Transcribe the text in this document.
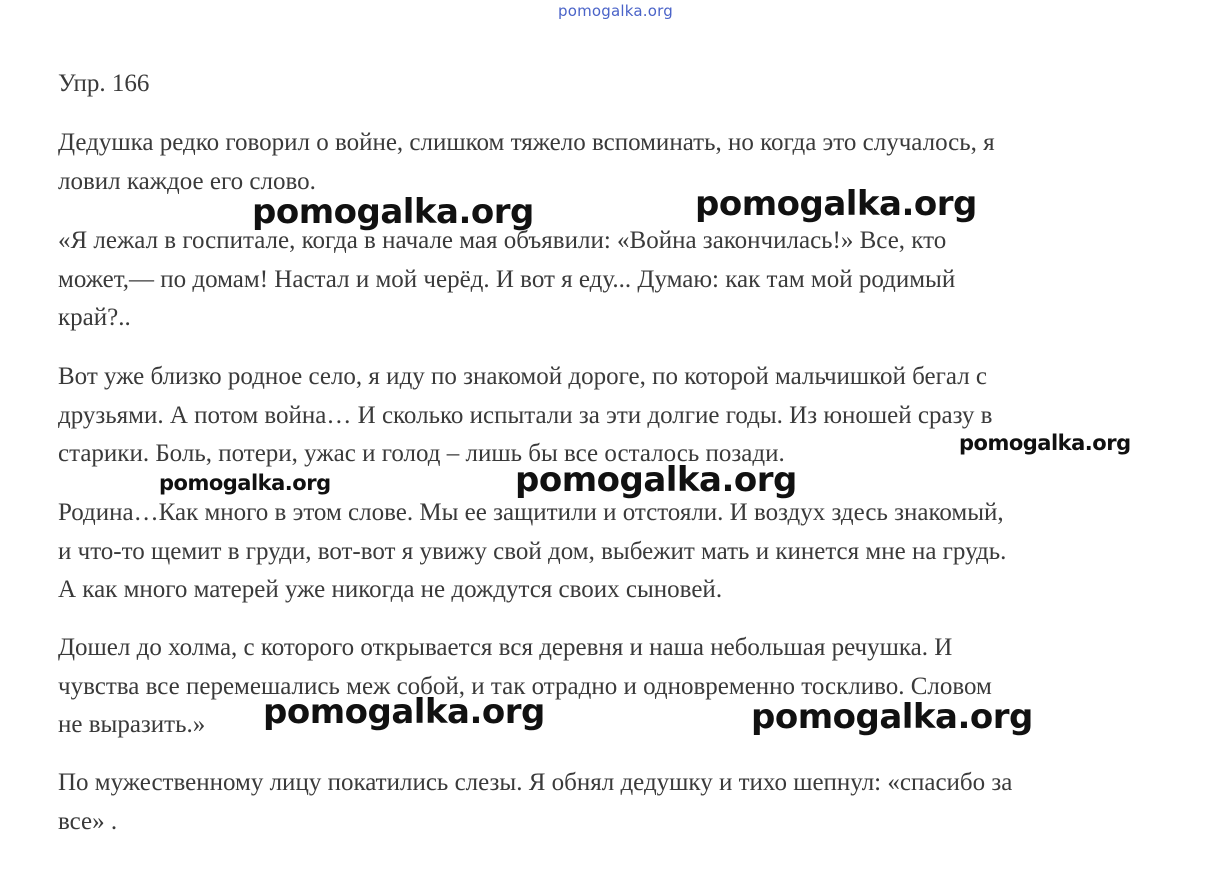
pomogalka.org
Упр. 166

Дедушка редко говорил о войне, слишком тяжело вспоминать, но когда это случалось, я
ловил каждое его слово.

«Я лежал в госпитале, когда в начале мая объявили: «Война закончилась!» Все, кто
может,— по домам! Настал и мой черёд. И вот я еду... Думаю: как там мой родимый
край?..

Вот уже близко родное село, я иду по знакомой дороге, по которой мальчишкой бегал с
друзьями. А потом война… И сколько испытали за эти долгие годы. Из юношей сразу в
старики. Боль, потери, ужас и голод – лишь бы все осталось позади.

Родина…Как много в этом слове. Мы ее защитили и отстояли. И воздух здесь знакомый,
и что-то щемит в груди, вот-вот я увижу свой дом, выбежит мать и кинется мне на грудь.
А как много матерей уже никогда не дождутся своих сыновей.

Дошел до холма, с которого открывается вся деревня и наша небольшая речушка. И
чувства все перемешались меж собой, и так отрадно и одновременно тоскливо. Словом
не выразить.»

По мужественному лицу покатились слезы. Я обнял дедушку и тихо шепнул: «спасибо за
все» .

pomogalka.org	pomogalka.org
pomogalka.org
pomogalka.org	pomogalka.org
pomogalka.org	pomogalka.org
